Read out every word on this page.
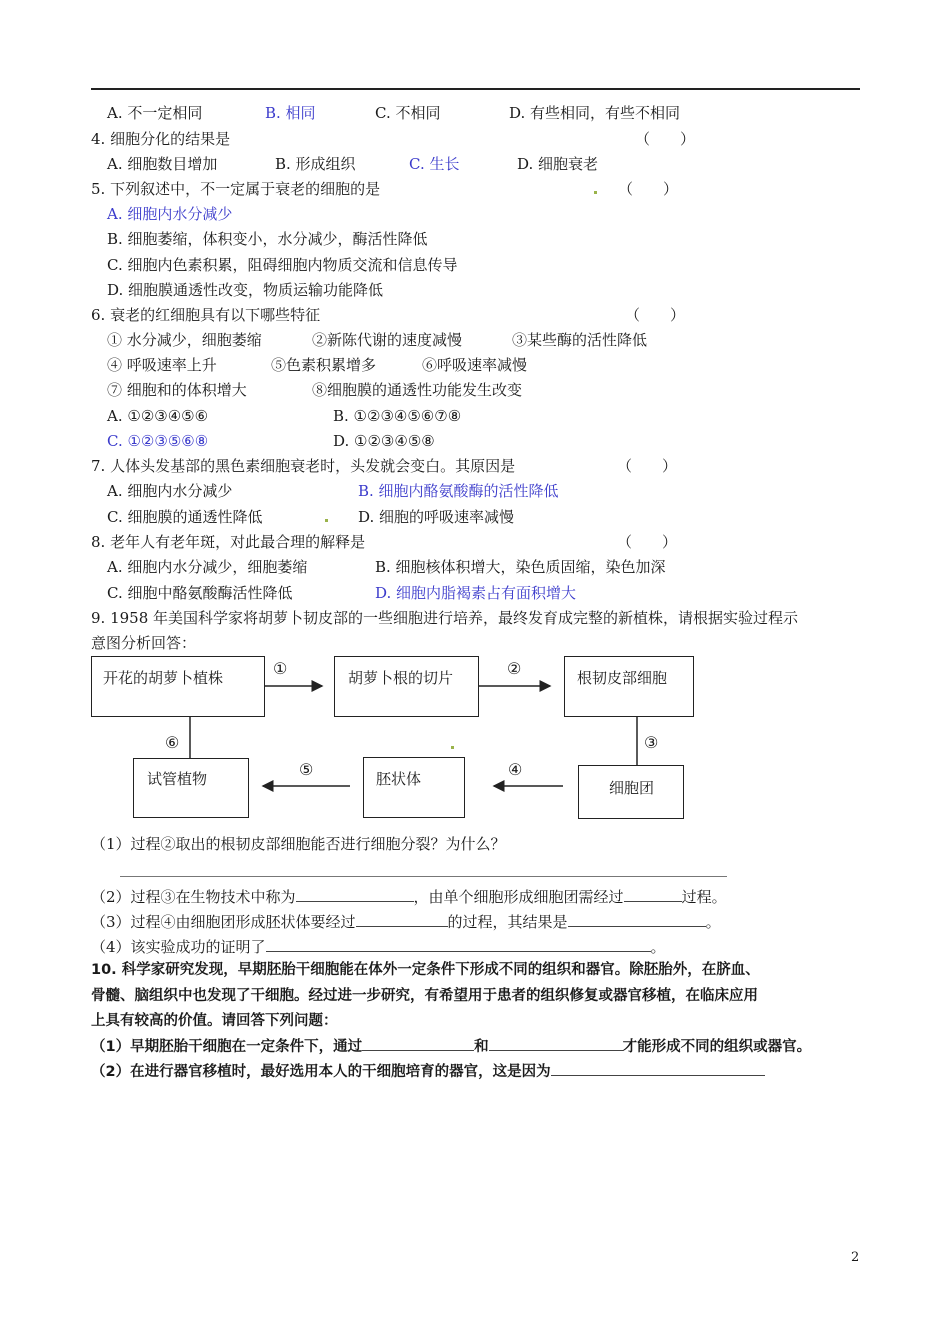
A. 不一定相同	B. 相同	C. 不相同	D. 有些相同，有些不相同
4. 细胞分化的结果是	（　　）
A. 细胞数目增加	B. 形成组织	C. 生长	D. 细胞衰老
5. 下列叙述中，不一定属于衰老的细胞的是	（　　）
A. 细胞内水分减少
B. 细胞萎缩，体积变小，水分减少，酶活性降低
C. 细胞内色素积累，阻碍细胞内物质交流和信息传导
D. 细胞膜通透性改变，物质运输功能降低
6. 衰老的红细胞具有以下哪些特征	（　　）
① 水分减少，细胞萎缩	②新陈代谢的速度减慢	③某些酶的活性降低
④ 呼吸速率上升	⑤色素积累增多	⑥呼吸速率减慢
⑦ 细胞和的体积增大	⑧细胞膜的通透性功能发生改变
A. ①②③④⑤⑥	B. ①②③④⑤⑥⑦⑧
C. ①②③⑤⑥⑧	D. ①②③④⑤⑧
7. 人体头发基部的黑色素细胞衰老时，头发就会变白。其原因是	（　　）
A. 细胞内水分减少	B. 细胞内酪氨酸酶的活性降低
C. 细胞膜的通透性降低	D. 细胞的呼吸速率减慢
8. 老年人有老年斑，对此最合理的解释是	（　　）
A. 细胞内水分减少，细胞萎缩	B. 细胞核体积增大，染色质固缩，染色加深
C. 细胞中酪氨酸酶活性降低	D. 细胞内脂褐素占有面积增大
9. 1958 年美国科学家将胡萝卜韧皮部的一些细胞进行培养，最终发育成完整的新植株，请根据实验过程示
意图分析回答：
开花的胡萝卜植株	胡萝卜根的切片	根韧皮部细胞
试管植物	胚状体	细胞团
①	②
③
④
⑤
⑥
（1）过程②取出的根韧皮部细胞能否进行细胞分裂？为什么？
（2）过程③在生物技术中称为	，由单个细胞形成细胞团需经过	过程。
（3）过程④由细胞团形成胚状体要经过	的过程，其结果是	。
（4）该实验成功的证明了	。
10. 科学家研究发现，早期胚胎干细胞能在体外一定条件下形成不同的组织和器官。除胚胎外，在脐血、
骨髓、脑组织中也发现了干细胞。经过进一步研究，有希望用于患者的组织修复或器官移植，在临床应用
上具有较高的价值。请回答下列问题：
（1）早期胚胎干细胞在一定条件下，通过	和	才能形成不同的组织或器官。
（2）在进行器官移植时，最好选用本人的干细胞培育的器官，这是因为
2
